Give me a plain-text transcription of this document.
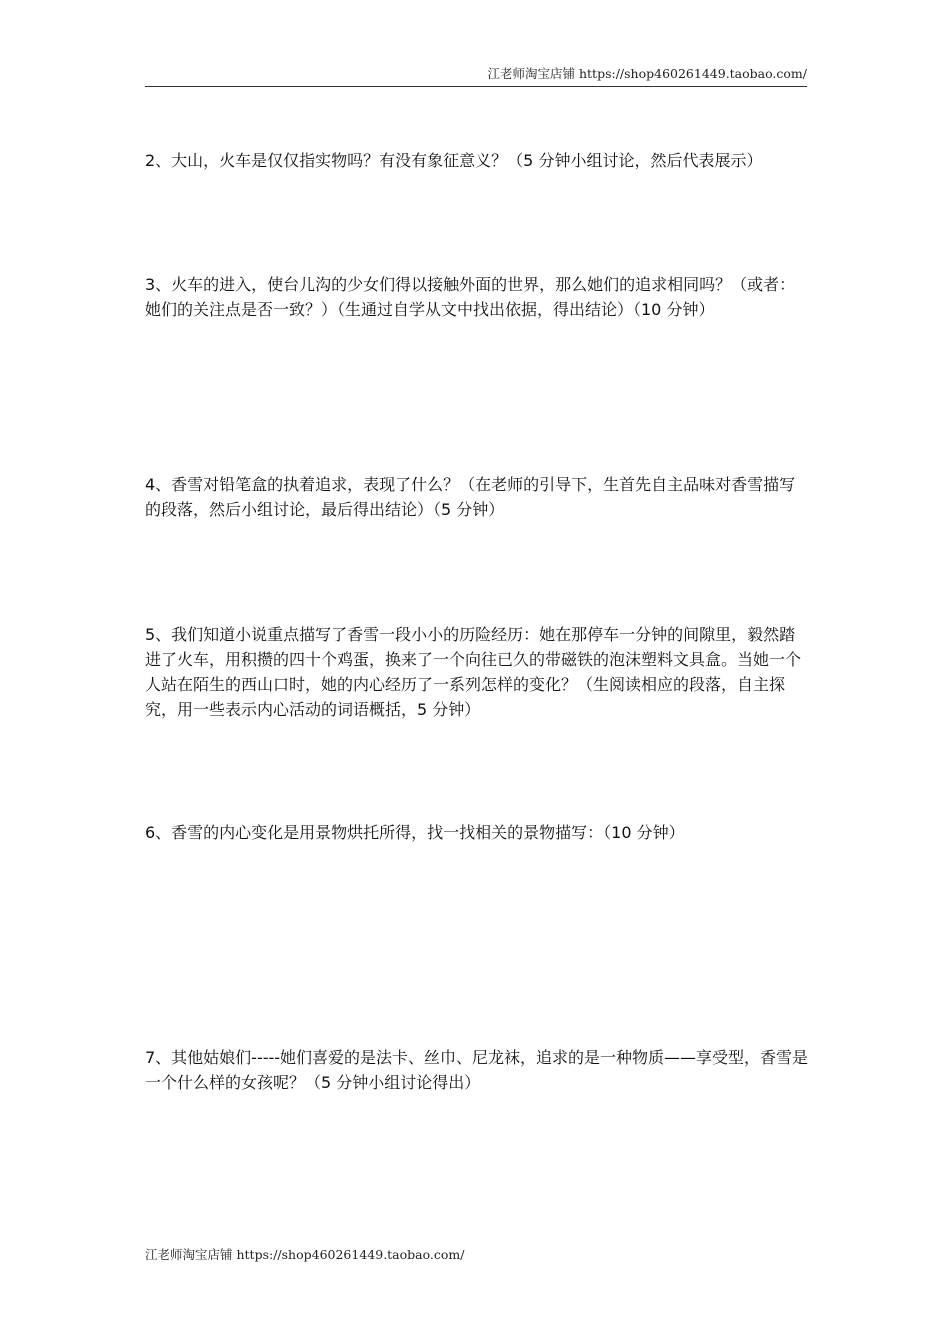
江老师淘宝店铺 https://shop460261449.taobao.com/

2、大山，火车是仅仅指实物吗？有没有象征意义？（5 分钟小组讨论，然后代表展示）

3、火车的进入，使台儿沟的少女们得以接触外面的世界，那么她们的追求相同吗？（或者：她们的关注点是否一致？）（生通过自学从文中找出依据，得出结论）（10 分钟）

4、香雪对铅笔盒的执着追求，表现了什么？（在老师的引导下，生首先自主品味对香雪描写的段落，然后小组讨论，最后得出结论）（5 分钟）

5、我们知道小说重点描写了香雪一段小小的历险经历：她在那停车一分钟的间隙里，毅然踏进了火车，用积攒的四十个鸡蛋，换来了一个向往已久的带磁铁的泡沫塑料文具盒。当她一个人站在陌生的西山口时，她的内心经历了一系列怎样的变化？（生阅读相应的段落，自主探究，用一些表示内心活动的词语概括，5 分钟）

6、香雪的内心变化是用景物烘托所得，找一找相关的景物描写：（10 分钟）

7、其他姑娘们-----她们喜爱的是法卡、丝巾、尼龙袜，追求的是一种物质——享受型，香雪是一个什么样的女孩呢？（5 分钟小组讨论得出）

江老师淘宝店铺 https://shop460261449.taobao.com/
